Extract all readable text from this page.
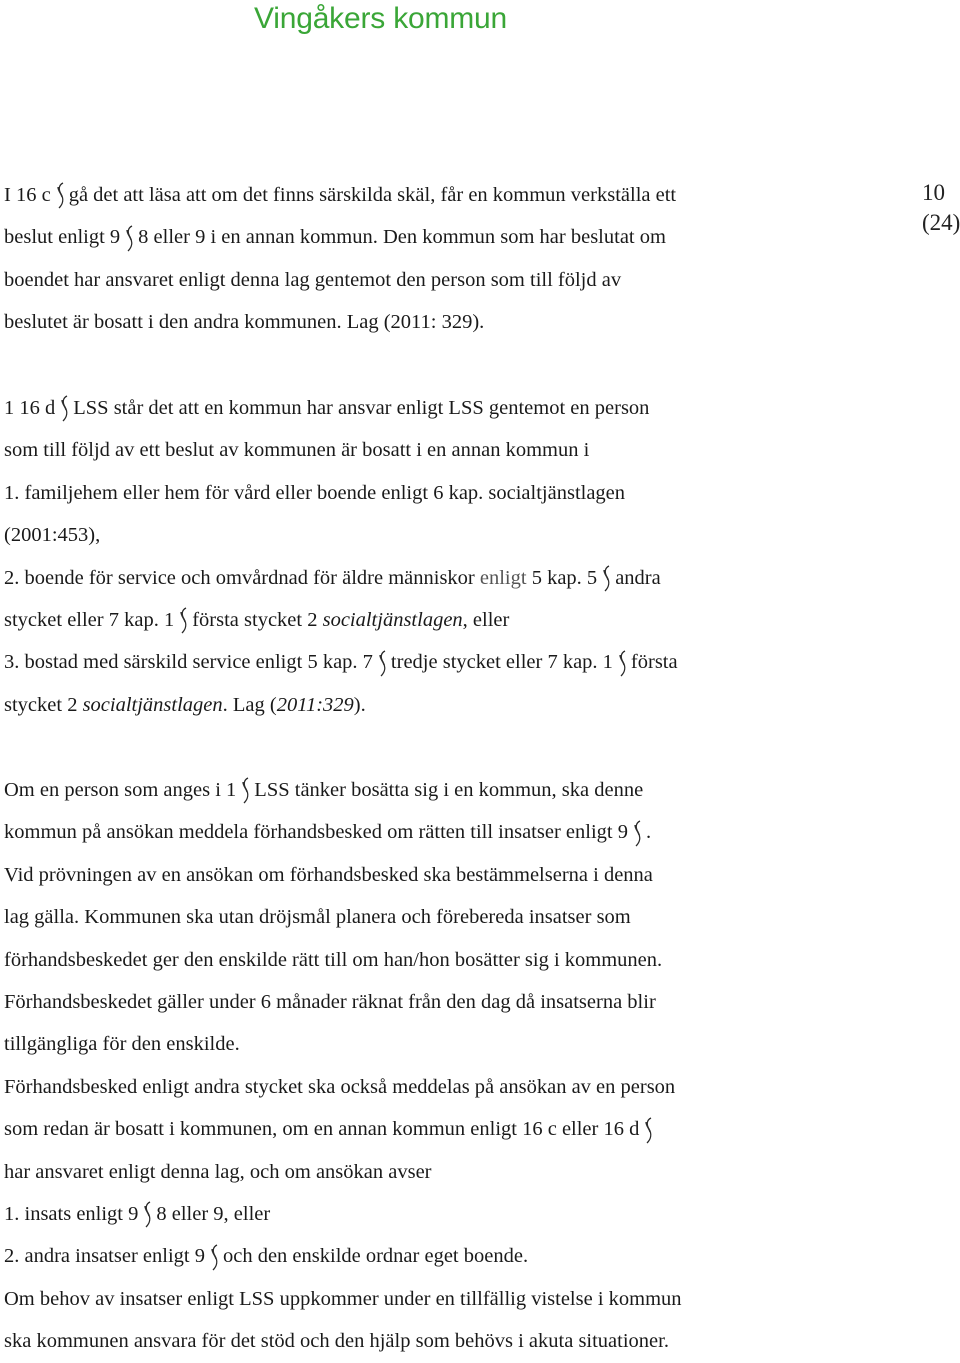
Vingåkers kommun
10
(24)
I 16 c gå det att läsa att om det finns särskilda skäl, får en kommun verkställa ett
beslut enligt 9 8 eller 9 i en annan kommun. Den kommun som har beslutat om
boendet har ansvaret enligt denna lag gentemot den person som till följd av
beslutet är bosatt i den andra kommunen. Lag (2011: 329).
1 16 d LSS står det att en kommun har ansvar enligt LSS gentemot en person
som till följd av ett beslut av kommunen är bosatt i en annan kommun i
1. familjehem eller hem för vård eller boende enligt 6 kap. socialtjänstlagen
(2001:453),
2. boende för service och omvårdnad för äldre människor enligt 5 kap. 5 andra
stycket eller 7 kap. 1 första stycket 2 socialtjänstlagen, eller
3. bostad med särskild service enligt 5 kap. 7 tredje stycket eller 7 kap. 1 första
stycket 2 socialtjänstlagen. Lag (2011:329).
Om en person som anges i 1 LSS tänker bosätta sig i en kommun, ska denne
kommun på ansökan meddela förhandsbesked om rätten till insatser enligt 9 .
Vid prövningen av en ansökan om förhandsbesked ska bestämmelserna i denna
lag gälla. Kommunen ska utan dröjsmål planera och förebereda insatser som
förhandsbeskedet ger den enskilde rätt till om han/hon bosätter sig i kommunen.
Förhandsbeskedet gäller under 6 månader räknat från den dag då insatserna blir
tillgängliga för den enskilde.
Förhandsbesked enligt andra stycket ska också meddelas på ansökan av en person
som redan är bosatt i kommunen, om en annan kommun enligt 16 c eller 16 d
har ansvaret enligt denna lag, och om ansökan avser
1. insats enligt 9 8 eller 9, eller
2. andra insatser enligt 9 och den enskilde ordnar eget boende.
Om behov av insatser enligt LSS uppkommer under en tillfällig vistelse i kommun
ska kommunen ansvara för det stöd och den hjälp som behövs i akuta situationer.
